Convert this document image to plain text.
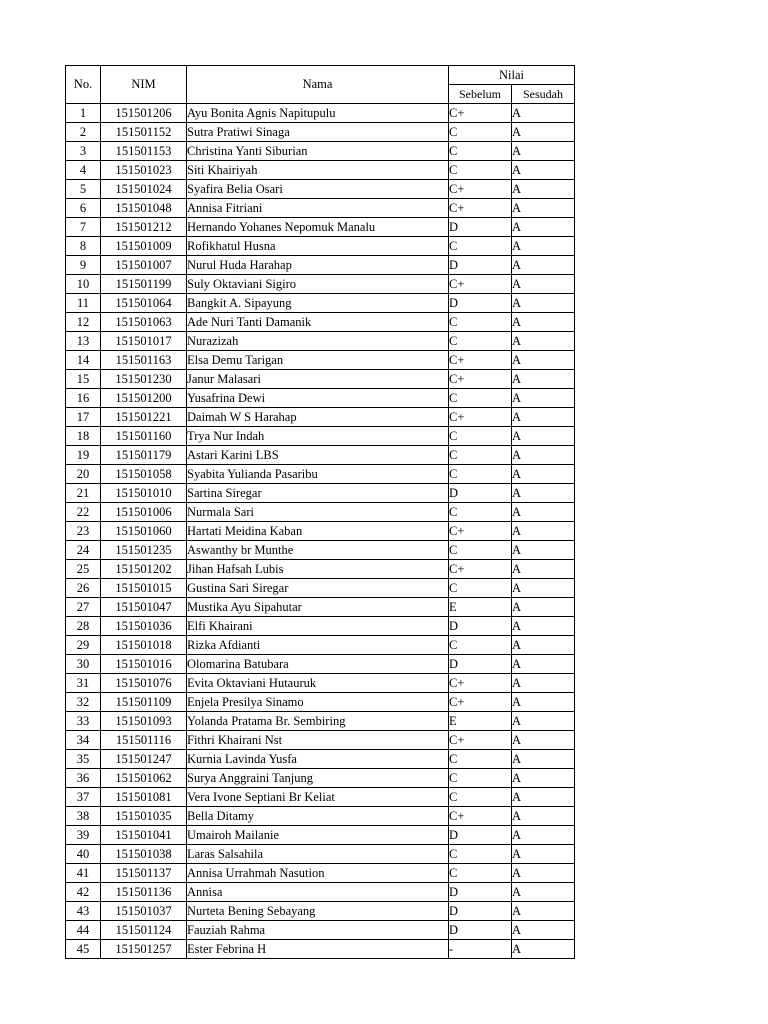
No.	NIM	Nama	Nilai	
			Sebelum	Sesudah
1	151501206	Ayu Bonita Agnis Napitupulu	C+	A
2	151501152	Sutra Pratiwi Sinaga	C	A
3	151501153	Christina Yanti Siburian	C	A
4	151501023	Siti Khairiyah	C	A
5	151501024	Syafira Belia Osari	C+	A
6	151501048	Annisa Fitriani	C+	A
7	151501212	Hernando Yohanes Nepomuk Manalu	D	A
8	151501009	Rofikhatul Husna	C	A
9	151501007	Nurul Huda Harahap	D	A
10	151501199	Suly Oktaviani Sigiro	C+	A
11	151501064	Bangkit A. Sipayung	D	A
12	151501063	Ade Nuri Tanti Damanik	C	A
13	151501017	Nurazizah	C	A
14	151501163	Elsa Demu Tarigan	C+	A
15	151501230	Janur Malasari	C+	A
16	151501200	Yusafrina Dewi	C	A
17	151501221	Daimah W S Harahap	C+	A
18	151501160	Trya Nur Indah	C	A
19	151501179	Astari Karini LBS	C	A
20	151501058	Syabita Yulianda Pasaribu	C	A
21	151501010	Sartina Siregar	D	A
22	151501006	Nurmala Sari	C	A
23	151501060	Hartati Meidina Kaban	C+	A
24	151501235	Aswanthy br Munthe	C	A
25	151501202	Jihan Hafsah Lubis	C+	A
26	151501015	Gustina Sari Siregar	C	A
27	151501047	Mustika Ayu Sipahutar	E	A
28	151501036	Elfi Khairani	D	A
29	151501018	Rizka Afdianti	C	A
30	151501016	Olomarina Batubara	D	A
31	151501076	Evita Oktaviani Hutauruk	C+	A
32	151501109	Enjela Presilya Sinamo	C+	A
33	151501093	Yolanda Pratama Br. Sembiring	E	A
34	151501116	Fithri Khairani Nst	C+	A
35	151501247	Kurnia Lavinda Yusfa	C	A
36	151501062	Surya Anggraini Tanjung	C	A
37	151501081	Vera Ivone Septiani Br Keliat	C	A
38	151501035	Bella Ditamy	C+	A
39	151501041	Umairoh Mailanie	D	A
40	151501038	Laras Salsahila	C	A
41	151501137	Annisa Urrahmah Nasution	C	A
42	151501136	Annisa	D	A
43	151501037	Nurteta Bening Sebayang	D	A
44	151501124	Fauziah Rahma	D	A
45	151501257	Ester Febrina H	-	A
